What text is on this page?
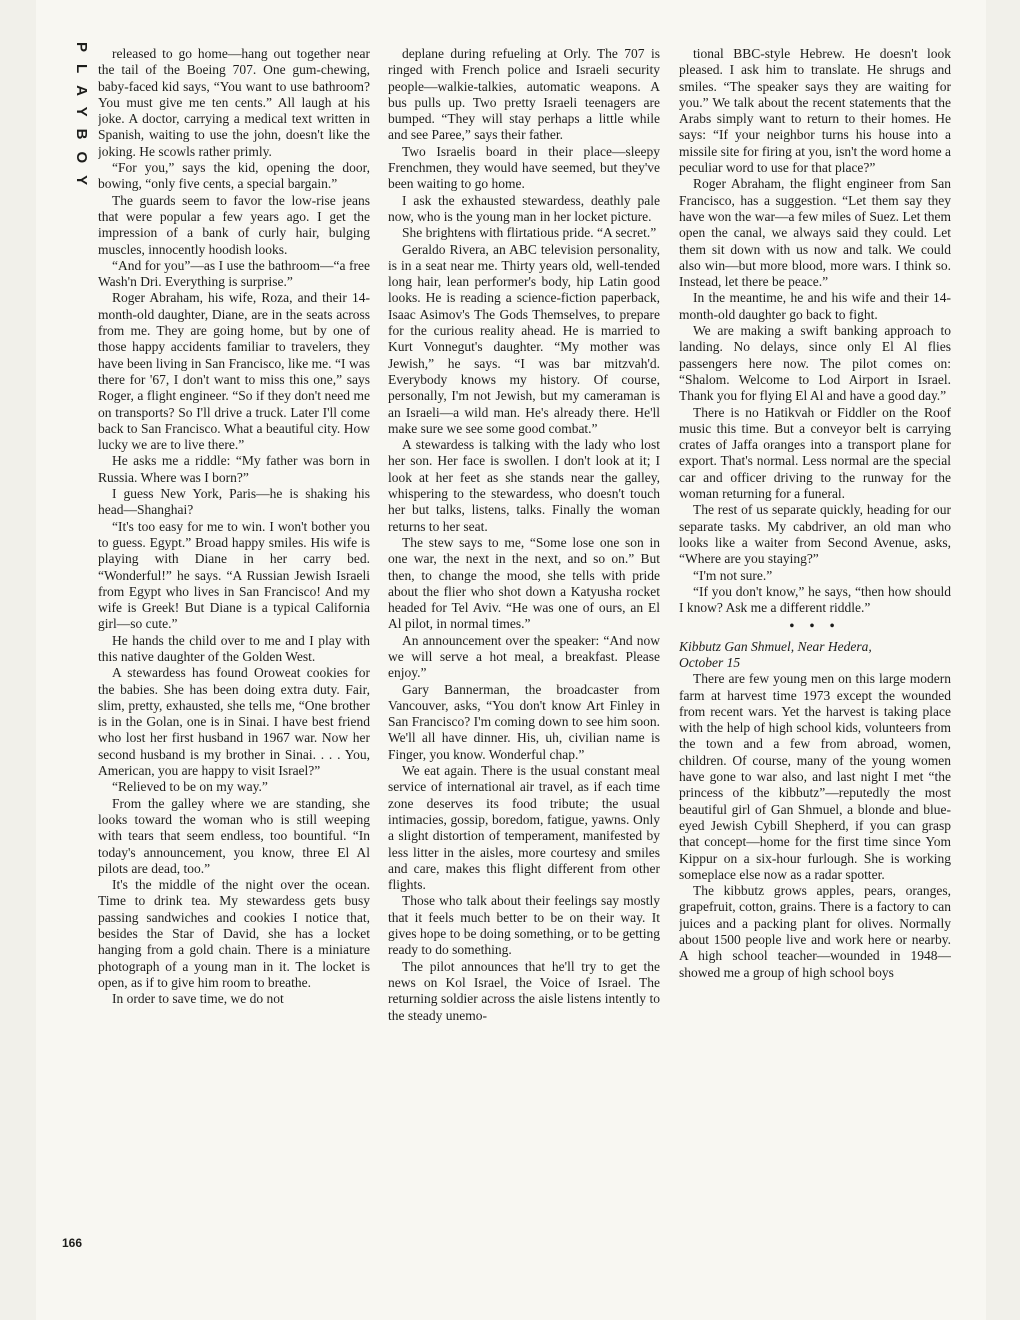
PLAYBOY	released to go home—hang out together near the tail of the Boeing 707. One gum-chewing, baby-faced kid says, “You want to use bathroom? You must give me ten cents.” All laugh at his joke. A doctor, carrying a medical text written in Spanish, waiting to use the john, doesn't like the joking. He scowls rather primly.

“For you,” says the kid, opening the door, bowing, “only five cents, a special bargain.”

The guards seem to favor the low-rise jeans that were popular a few years ago. I get the impression of a bank of curly hair, bulging muscles, innocently hoodish looks.

“And for you”—as I use the bathroom—“a free Wash'n Dri. Everything is surprise.”

Roger Abraham, his wife, Roza, and their 14-month-old daughter, Diane, are in the seats across from me. They are going home, but by one of those happy accidents familiar to travelers, they have been living in San Francisco, like me. “I was there for '67, I don't want to miss this one,” says Roger, a flight engineer. “So if they don't need me on transports? So I'll drive a truck. Later I'll come back to San Francisco. What a beautiful city. How lucky we are to live there.”

He asks me a riddle: “My father was born in Russia. Where was I born?”

I guess New York, Paris—he is shaking his head—Shanghai?

“It's too easy for me to win. I won't bother you to guess. Egypt.” Broad happy smiles. His wife is playing with Diane in her carry bed. “Wonderful!” he says. “A Russian Jewish Israeli from Egypt who lives in San Francisco! And my wife is Greek! But Diane is a typical California girl—so cute.”

He hands the child over to me and I play with this native daughter of the Golden West.

A stewardess has found Oroweat cookies for the babies. She has been doing extra duty. Fair, slim, pretty, exhausted, she tells me, “One brother is in the Golan, one is in Sinai. I have best friend who lost her first husband in 1967 war. Now her second husband is my brother in Sinai. . . . You, American, you are happy to visit Israel?”

“Relieved to be on my way.”

From the galley where we are standing, she looks toward the woman who is still weeping with tears that seem endless, too bountiful. “In today's announcement, you know, three El Al pilots are dead, too.”

It's the middle of the night over the ocean. Time to drink tea. My stewardess gets busy passing sandwiches and cookies I notice that, besides the Star of David, she has a locket hanging from a gold chain. There is a miniature photograph of a young man in it. The locket is open, as if to give him room to breathe.

In order to save time, we do not

deplane during refueling at Orly. The 707 is ringed with French police and Israeli security people—walkie-talkies, automatic weapons. A bus pulls up. Two pretty Israeli teenagers are bumped. “They will stay perhaps a little while and see Paree,” says their father.

Two Israelis board in their place—sleepy Frenchmen, they would have seemed, but they've been waiting to go home.

I ask the exhausted stewardess, deathly pale now, who is the young man in her locket picture.

She brightens with flirtatious pride. “A secret.”

Geraldo Rivera, an ABC television personality, is in a seat near me. Thirty years old, well-tended long hair, lean performer's body, hip Latin good looks. He is reading a science-fiction paperback, Isaac Asimov's The Gods Themselves, to prepare for the curious reality ahead. He is married to Kurt Vonnegut's daughter. “My mother was Jewish,” he says. “I was bar mitzvah'd. Everybody knows my history. Of course, personally, I'm not Jewish, but my cameraman is an Israeli—a wild man. He's already there. He'll make sure we see some good combat.”

A stewardess is talking with the lady who lost her son. Her face is swollen. I don't look at it; I look at her feet as she stands near the galley, whispering to the stewardess, who doesn't touch her but talks, listens, talks. Finally the woman returns to her seat.

The stew says to me, “Some lose one son in one war, the next in the next, and so on.” But then, to change the mood, she tells with pride about the flier who shot down a Katyusha rocket headed for Tel Aviv. “He was one of ours, an El Al pilot, in normal times.”

An announcement over the speaker: “And now we will serve a hot meal, a breakfast. Please enjoy.”

Gary Bannerman, the broadcaster from Vancouver, asks, “You don't know Art Finley in San Francisco? I'm coming down to see him soon. We'll all have dinner. His, uh, civilian name is Finger, you know. Wonderful chap.”

We eat again. There is the usual constant meal service of international air travel, as if each time zone deserves its food tribute; the usual intimacies, gossip, boredom, fatigue, yawns. Only a slight distortion of temperament, manifested by less litter in the aisles, more courtesy and smiles and care, makes this flight different from other flights.

Those who talk about their feelings say mostly that it feels much better to be on their way. It gives hope to be doing something, or to be getting ready to do something.

The pilot announces that he'll try to get the news on Kol Israel, the Voice of Israel. The returning soldier across the aisle listens intently to the steady unemo-

tional BBC-style Hebrew. He doesn't look pleased. I ask him to translate. He shrugs and smiles. “The speaker says they are waiting for you.” We talk about the recent statements that the Arabs simply want to return to their homes. He says: “If your neighbor turns his house into a missile site for firing at you, isn't the word home a peculiar word to use for that place?”

Roger Abraham, the flight engineer from San Francisco, has a suggestion. “Let them say they have won the war—a few miles of Suez. Let them open the canal, we always said they could. Let them sit down with us now and talk. We could also win—but more blood, more wars. I think so. Instead, let there be peace.”

In the meantime, he and his wife and their 14-month-old daughter go back to fight.

We are making a swift banking approach to landing. No delays, since only El Al flies passengers here now. The pilot comes on: “Shalom. Welcome to Lod Airport in Israel. Thank you for flying El Al and have a good day.”

There is no Hatikvah or Fiddler on the Roof music this time. But a conveyor belt is carrying crates of Jaffa oranges into a transport plane for export. That's normal. Less normal are the special car and officer driving to the runway for the woman returning for a funeral.

The rest of us separate quickly, heading for our separate tasks. My cabdriver, an old man who looks like a waiter from Second Avenue, asks, “Where are you staying?”

“I'm not sure.”

“If you don't know,” he says, “then how should I know? Ask me a different riddle.”

• • •

Kibbutz Gan Shmuel, Near Hedera,

October 15

There are few young men on this large modern farm at harvest time 1973 except the wounded from recent wars. Yet the harvest is taking place with the help of high school kids, volunteers from the town and a few from abroad, women, children. Of course, many of the young women have gone to war also, and last night I met “the princess of the kibbutz”—reputedly the most beautiful girl of Gan Shmuel, a blonde and blue-eyed Jewish Cybill Shepherd, if you can grasp that concept—home for the first time since Yom Kippur on a six-hour furlough. She is working someplace else now as a radar spotter.

The kibbutz grows apples, pears, oranges, grapefruit, cotton, grains. There is a factory to can juices and a packing plant for olives. Normally about 1500 people live and work here or nearby. A high school teacher—wounded in 1948—showed me a group of high school boys

166
